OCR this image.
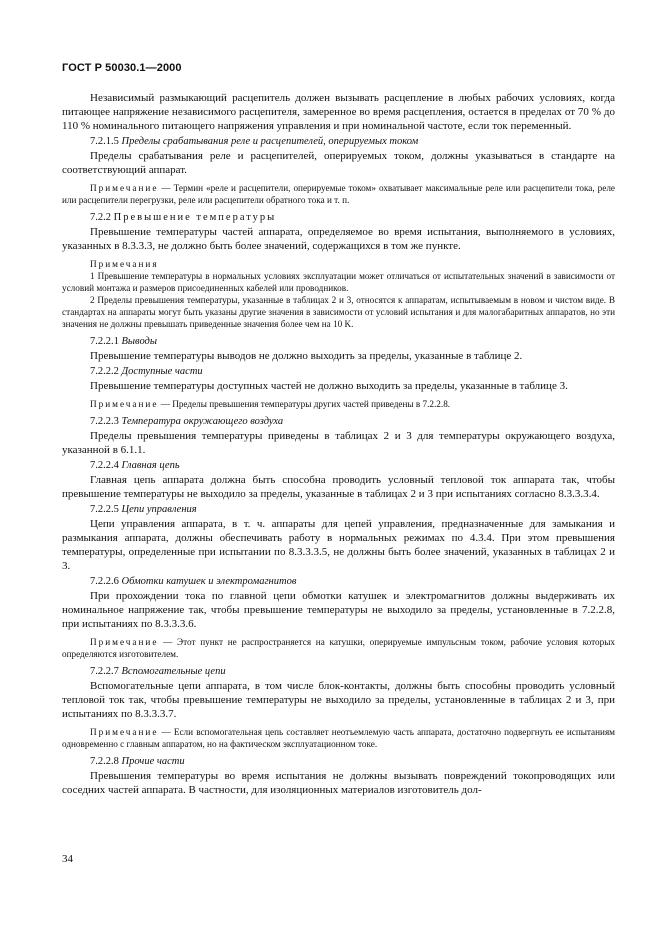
ГОСТ Р 50030.1—2000

Независимый размыкающий расцепитель должен вызывать расцепление в любых рабочих условиях, когда питающее напряжение независимого расцепителя, замеренное во время расцепления, остается в пределах от 70 % до 110 % номинального питающего напряжения управления и при номинальной частоте, если ток переменный.

7.2.1.5 Пределы срабатывания реле и расцепителей, оперируемых током

Пределы срабатывания реле и расцепителей, оперируемых током, должны указываться в стандарте на соответствующий аппарат.

Примечание — Термин «реле и расцепители, оперируемые током» охватывает максимальные реле или расцепители тока, реле или расцепители перегрузки, реле или расцепители обратного тока и т. п.

7.2.2 Превышение температуры

Превышение температуры частей аппарата, определяемое во время испытания, выполняемого в условиях, указанных в 8.3.3.3, не должно быть более значений, содержащихся в том же пункте.

Примечания

1 Превышение температуры в нормальных условиях эксплуатации может отличаться от испытательных значений в зависимости от условий монтажа и размеров присоединенных кабелей или проводников.

2 Пределы превышения температуры, указанные в таблицах 2 и 3, относятся к аппаратам, испытываемым в новом и чистом виде. В стандартах на аппараты могут быть указаны другие значения в зависимости от условий испытания и для малогабаритных аппаратов, но эти значения не должны превышать приведенные значения более чем на 10 K.

7.2.2.1 Выводы

Превышение температуры выводов не должно выходить за пределы, указанные в таблице 2.

7.2.2.2 Доступные части

Превышение температуры доступных частей не должно выходить за пределы, указанные в таблице 3.

Примечание — Пределы превышения температуры других частей приведены в 7.2.2.8.

7.2.2.3 Температура окружающего воздуха

Пределы превышения температуры приведены в таблицах 2 и 3 для температуры окружающего воздуха, указанной в 6.1.1.

7.2.2.4 Главная цепь

Главная цепь аппарата должна быть способна проводить условный тепловой ток аппарата так, чтобы превышение температуры не выходило за пределы, указанные в таблицах 2 и 3 при испытаниях согласно 8.3.3.3.4.

7.2.2.5 Цепи управления

Цепи управления аппарата, в т. ч. аппараты для цепей управления, предназначенные для замыкания и размыкания аппарата, должны обеспечивать работу в нормальных режимах по 4.3.4. При этом превышения температуры, определенные при испытании по 8.3.3.3.5, не должны быть более значений, указанных в таблицах 2 и 3.

7.2.2.6 Обмотки катушек и электромагнитов

При прохождении тока по главной цепи обмотки катушек и электромагнитов должны выдерживать их номинальное напряжение так, чтобы превышение температуры не выходило за пределы, установленные в 7.2.2.8, при испытаниях по 8.3.3.3.6.

Примечание — Этот пункт не распространяется на катушки, оперируемые импульсным током, рабочие условия которых определяются изготовителем.

7.2.2.7 Вспомогательные цепи

Вспомогательные цепи аппарата, в том числе блок-контакты, должны быть способны проводить условный тепловой ток так, чтобы превышение температуры не выходило за пределы, установленные в таблицах 2 и 3, при испытаниях по 8.3.3.3.7.

Примечание — Если вспомогательная цепь составляет неотъемлемую часть аппарата, достаточно подвергнуть ее испытаниям одновременно с главным аппаратом, но на фактическом эксплуатационном токе.

7.2.2.8 Прочие части

Превышения температуры во время испытания не должны вызывать повреждений токопроводящих или соседних частей аппарата. В частности, для изоляционных материалов изготовитель дол-

34
